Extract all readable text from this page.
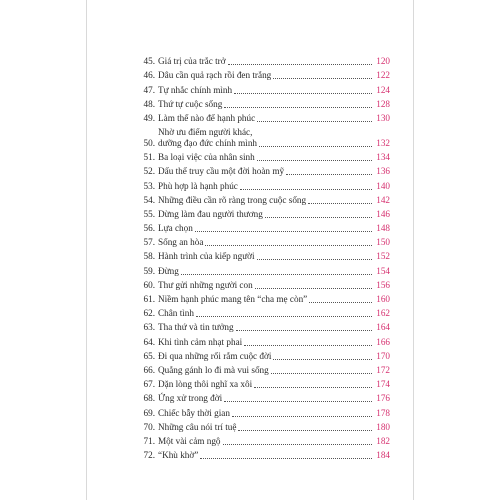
45. Giá trị của trắc trở	120
46. Dâu cần quả rạch rồi đen trắng	122
47. Tự nhắc chính mình	124
48. Thứ tự cuộc sống	128
49. Làm thế nào để hạnh phúc	130
50.
Nhờ ưu điểm người khác,
dưỡng đạo đức chính mình	132
51. Ba loại việc của nhân sinh	134
52. Dấu thể truy cầu một đời hoàn mỹ	136
53. Phù hợp là hạnh phúc	140
54. Những điều cần rõ ràng trong cuộc sống	142
55. Dừng làm đau người thương	146
56. Lựa chọn	148
57. Sống an hòa	150
58. Hành trình của kiếp người	152
59. Đừng	154
60. Thư gửi những người con	156
61. Niềm hạnh phúc mang tên “cha mẹ còn”	160
62. Chân tình	162
63. Tha thứ và tin tưởng	164
64. Khi tình cảm nhạt phai	166
65. Đi qua những rối rắm cuộc đời	170
66. Quẳng gánh lo đi mà vui sống	172
67. Dặn lòng thôi nghĩ xa xôi	174
68. Ứng xử trong đời	176
69. Chiếc bẫy thời gian	178
70. Những câu nói trí tuệ	180
71. Một vài cảm ngộ	182
72. “Khù khờ”	184
